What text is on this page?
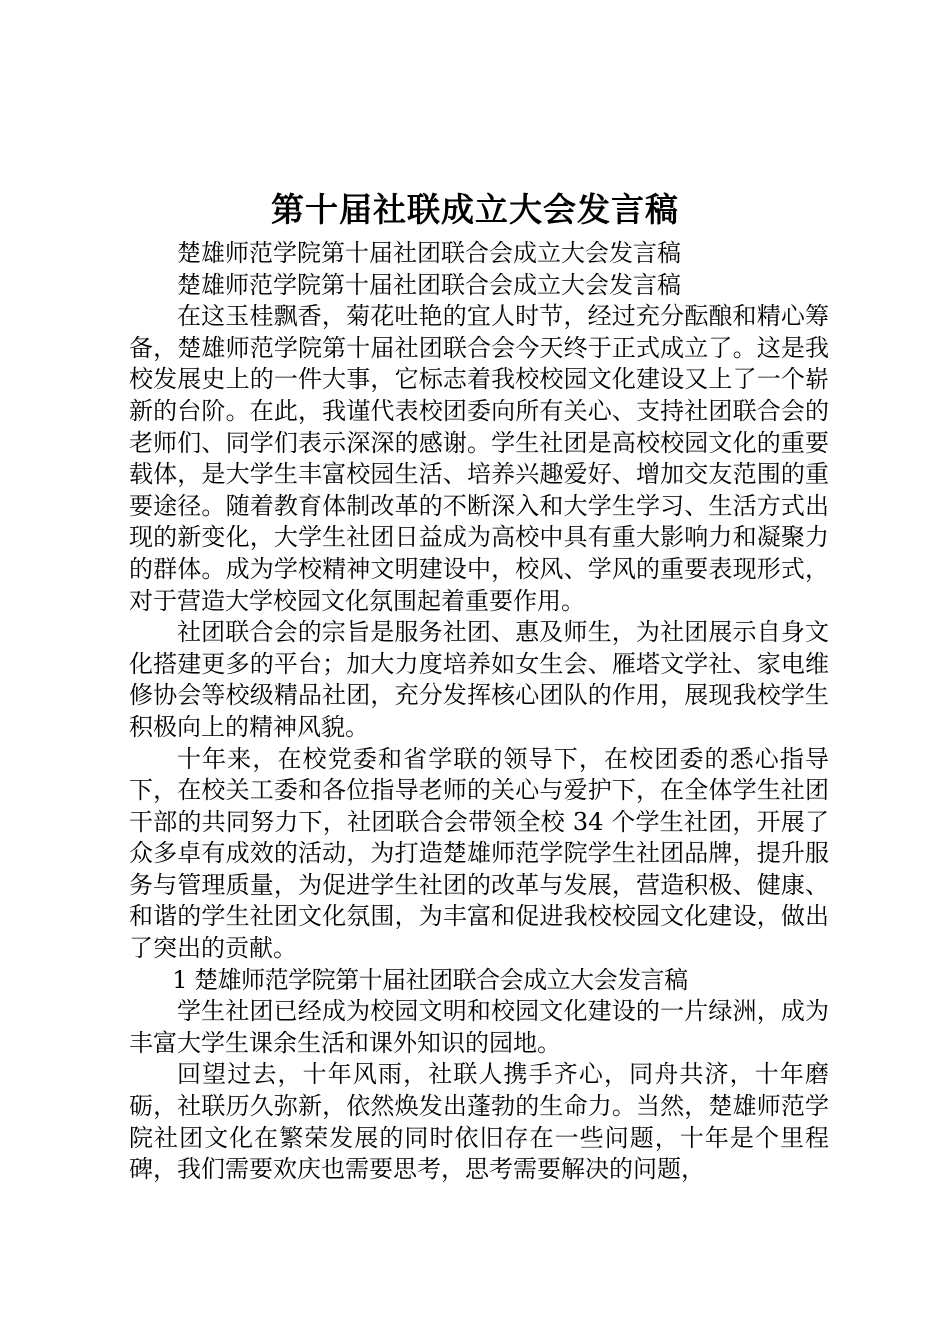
第十届社联成立大会发言稿

楚雄师范学院第十届社团联合会成立大会发言稿

楚雄师范学院第十届社团联合会成立大会发言稿

在这玉桂飘香，菊花吐艳的宜人时节，经过充分酝酿和精心筹备，楚雄师范学院第十届社团联合会今天终于正式成立了。这是我校发展史上的一件大事，它标志着我校校园文化建设又上了一个崭新的台阶。在此，我谨代表校团委向所有关心、支持社团联合会的老师们、同学们表示深深的感谢。学生社团是高校校园文化的重要载体，是大学生丰富校园生活、培养兴趣爱好、增加交友范围的重要途径。随着教育体制改革的不断深入和大学生学习、生活方式出现的新变化，大学生社团日益成为高校中具有重大影响力和凝聚力的群体。成为学校精神文明建设中，校风、学风的重要表现形式，对于营造大学校园文化氛围起着重要作用。

社团联合会的宗旨是服务社团、惠及师生，为社团展示自身文化搭建更多的平台；加大力度培养如女生会、雁塔文学社、家电维修协会等校级精品社团，充分发挥核心团队的作用，展现我校学生积极向上的精神风貌。

十年来，在校党委和省学联的领导下，在校团委的悉心指导下，在校关工委和各位指导老师的关心与爱护下，在全体学生社团干部的共同努力下，社团联合会带领全校 34 个学生社团，开展了众多卓有成效的活动，为打造楚雄师范学院学生社团品牌，提升服务与管理质量，为促进学生社团的改革与发展，营造积极、健康、和谐的学生社团文化氛围，为丰富和促进我校校园文化建设，做出了突出的贡献。

1 楚雄师范学院第十届社团联合会成立大会发言稿

学生社团已经成为校园文明和校园文化建设的一片绿洲，成为丰富大学生课余生活和课外知识的园地。

回望过去，十年风雨，社联人携手齐心，同舟共济，十年磨砺，社联历久弥新，依然焕发出蓬勃的生命力。当然，楚雄师范学院社团文化在繁荣发展的同时依旧存在一些问题，十年是个里程碑，我们需要欢庆也需要思考，思考需要解决的问题，
